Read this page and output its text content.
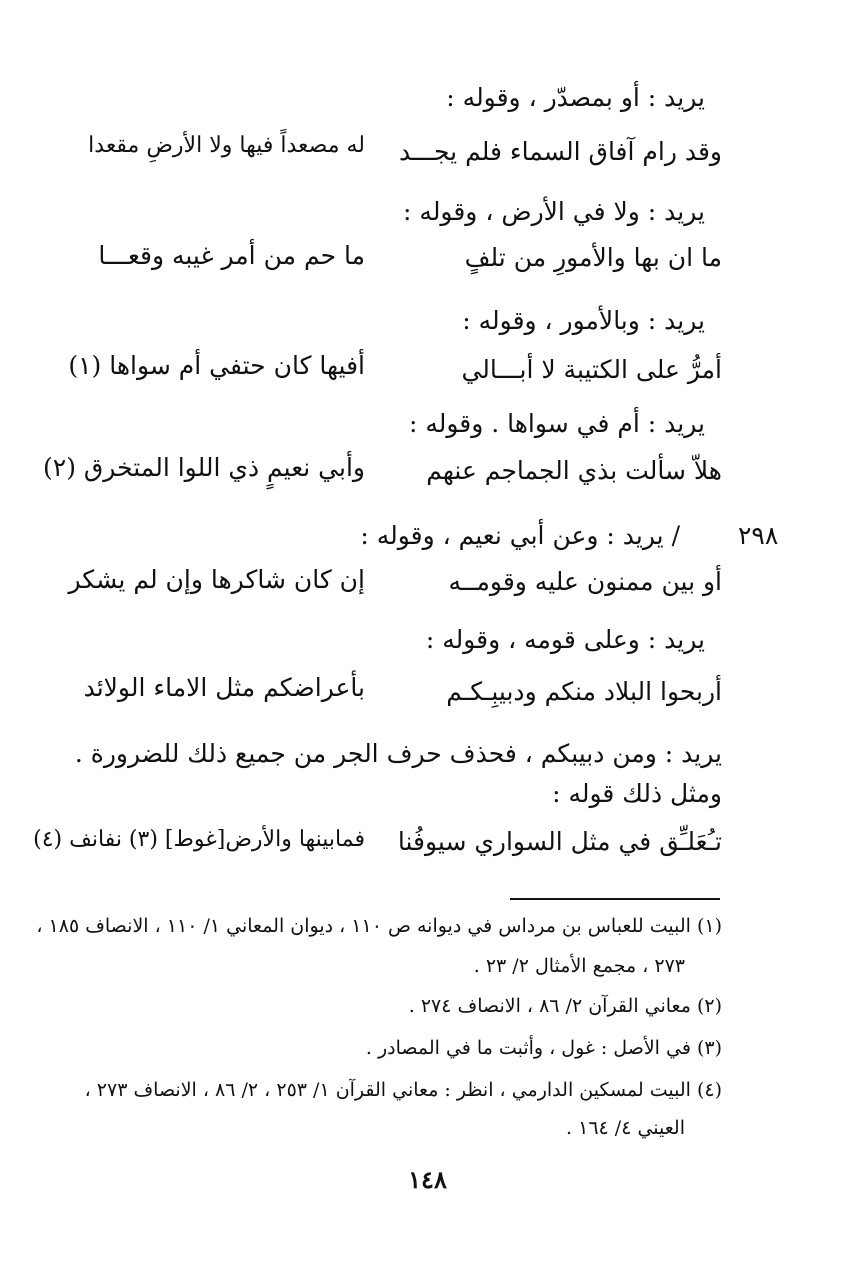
٢٩٨
يريد : أو بمصدّر ، وقوله :
وقد رام آفاق السماء فلم يجـــد
له مصعداً فيها ولا الأرضِ مقعدا
يريد : ولا في الأرض ، وقوله :
ما ان بها والأمورِ من تلفٍ
ما حم من أمر غيبه وقعـــا
يريد : وبالأمور ، وقوله :
أمرُّ على الكتيبة لا أبـــالي
أفيها كان حتفي أم سواها (١)
يريد : أم في سواها . وقوله :
هلاّ سألت بذي الجماجم عنهم
وأبي نعيمٍ ذي اللوا المتخرق (٢)
/ يريد : وعن أبي نعيم ، وقوله :
أو بين ممنون عليه وقومــه
إن كان شاكرها وإن لم يشكر
يريد : وعلى قومه ، وقوله :
أربحوا البلاد منكم ودبيبِـكـم
بأعراضكم مثل الاماء الولائد
يريد : ومن دبيبكم ، فحذف حرف الجر من جميع ذلك للضرورة .
ومثل ذلك قوله :
تـُعَلـِّق في مثل السواري سيوفُنا
فمابينها والأرض[غوط] (٣) نفانف (٤)
(١) البيت للعباس بن مرداس في ديوانه ص ١١٠ ، ديوان المعاني ١/ ١١٠ ، الانصاف ١٨٥ ،
٢٧٣ ، مجمع الأمثال ٢/ ٢٣ .
(٢) معاني القرآن ٢/ ٨٦ ، الانصاف ٢٧٤ .
(٣) في الأصل : غول ، وأثبت ما في المصادر .
(٤) البيت لمسكين الدارمي ، انظر : معاني القرآن ١/ ٢٥٣ ، ٢/ ٨٦ ، الانصاف ٢٧٣ ،
العيني ٤/ ١٦٤ .
١٤٨
